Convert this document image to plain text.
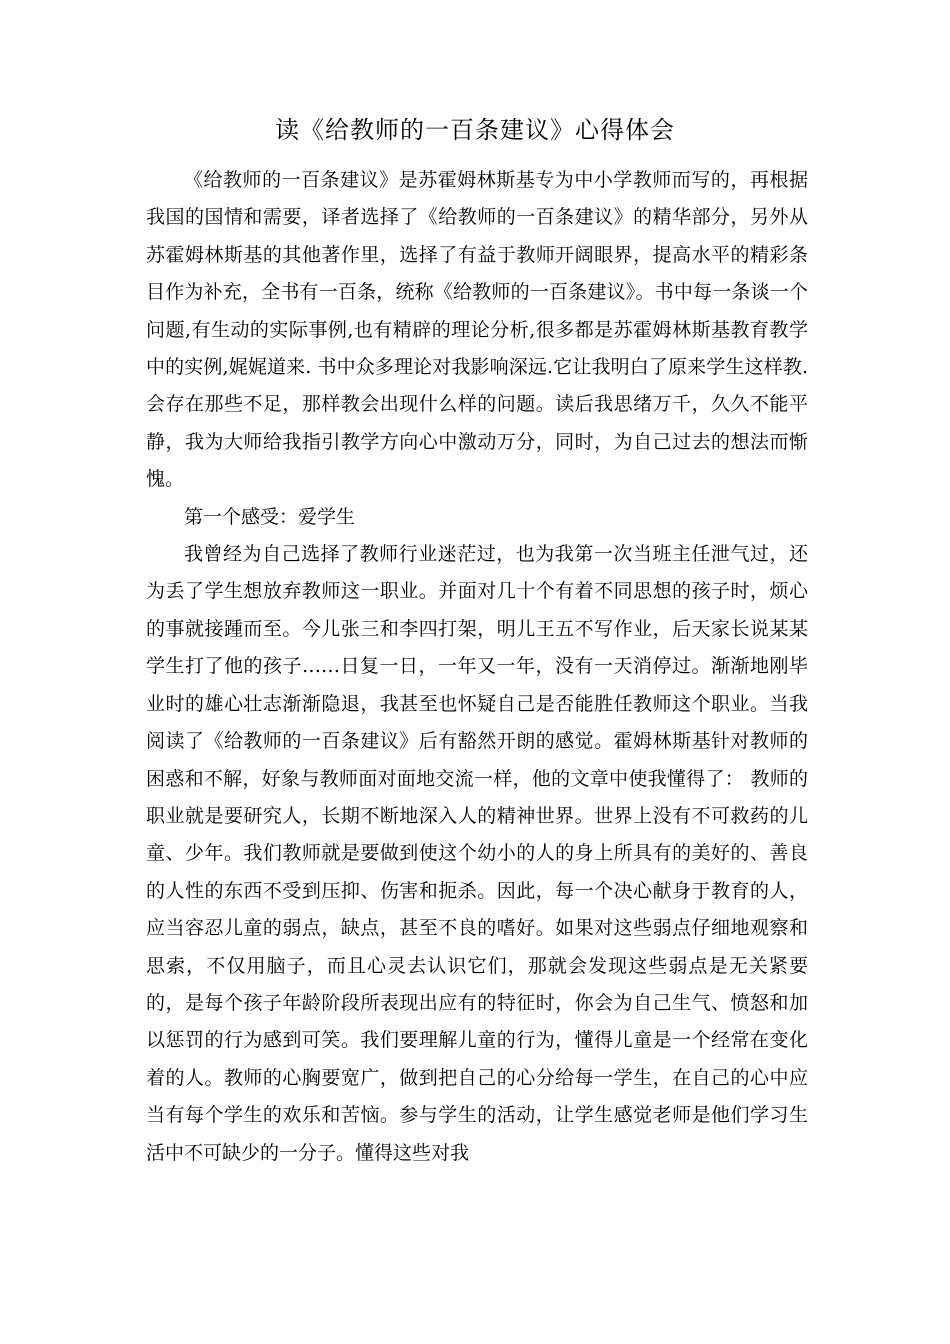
读《给教师的一百条建议》心得体会

《给教师的一百条建议》是苏霍姆林斯基专为中小学教师而写的，再根据我国的国情和需要，译者选择了《给教师的一百条建议》的精华部分，另外从苏霍姆林斯基的其他著作里，选择了有益于教师开阔眼界，提高水平的精彩条目作为补充，全书有一百条，统称《给教师的一百条建议》。书中每一条谈一个问题,有生动的实际事例,也有精辟的理论分析,很多都是苏霍姆林斯基教育教学中的实例,娓娓道来. 书中众多理论对我影响深远.它让我明白了原来学生这样教.会存在那些不足，那样教会出现什么样的问题。读后我思绪万千，久久不能平静，我为大师给我指引教学方向心中激动万分，同时，为自己过去的想法而惭愧。

第一个感受：爱学生

我曾经为自己选择了教师行业迷茫过，也为我第一次当班主任泄气过，还为丢了学生想放弃教师这一职业。并面对几十个有着不同思想的孩子时，烦心的事就接踵而至。今儿张三和李四打架，明儿王五不写作业，后天家长说某某学生打了他的孩子……日复一日，一年又一年，没有一天消停过。渐渐地刚毕业时的雄心壮志渐渐隐退，我甚至也怀疑自己是否能胜任教师这个职业。当我阅读了《给教师的一百条建议》后有豁然开朗的感觉。霍姆林斯基针对教师的困惑和不解，好象与教师面对面地交流一样，他的文章中使我懂得了： 教师的职业就是要研究人，长期不断地深入人的精神世界。世界上没有不可救药的儿童、少年。我们教师就是要做到使这个幼小的人的身上所具有的美好的、善良的人性的东西不受到压抑、伤害和扼杀。因此，每一个决心献身于教育的人，应当容忍儿童的弱点，缺点，甚至不良的嗜好。如果对这些弱点仔细地观察和思索，不仅用脑子，而且心灵去认识它们，那就会发现这些弱点是无关紧要的，是每个孩子年龄阶段所表现出应有的特征时，你会为自己生气、愤怒和加以惩罚的行为感到可笑。我们要理解儿童的行为，懂得儿童是一个经常在变化着的人。教师的心胸要宽广，做到把自己的心分给每一学生，在自己的心中应当有每个学生的欢乐和苦恼。参与学生的活动，让学生感觉老师是他们学习生活中不可缺少的一分子。懂得这些对我
